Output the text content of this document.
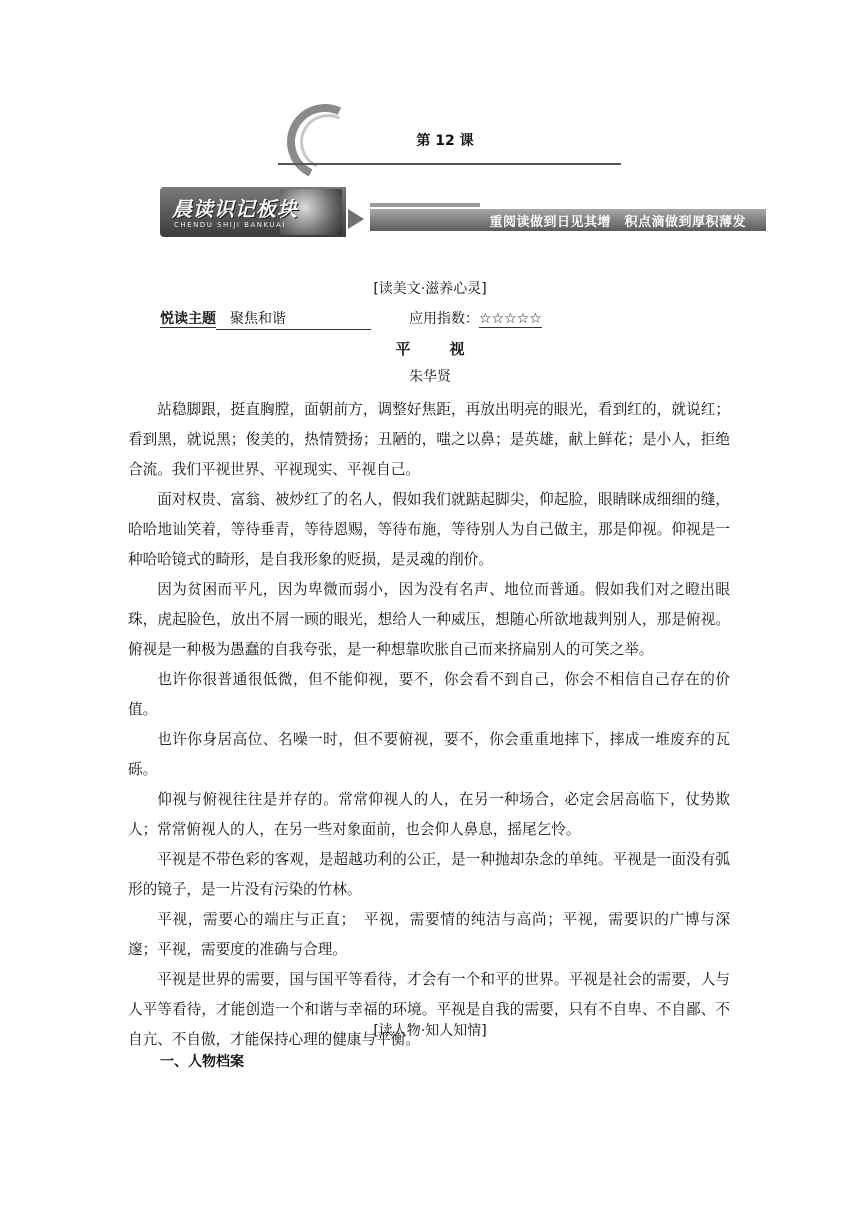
第 12 课
晨读识记板块
CHENDU SHIJI BANKUAI	重阅读做到日见其增　积点滴做到厚积薄发
[读美文·滋养心灵]
悦读主题 聚焦和谐	应用指数：☆☆☆☆☆
平　视
朱华贤

站稳脚跟，挺直胸膛，面朝前方，调整好焦距，再放出明亮的眼光，看到红的，就说红；看到黑，就说黑；俊美的，热情赞扬；丑陋的，嗤之以鼻；是英雄，献上鲜花；是小人，拒绝合流。我们平视世界、平视现实、平视自己。

面对权贵、富翁、被炒红了的名人，假如我们就踮起脚尖，仰起脸，眼睛眯成细细的缝，哈哈地讪笑着，等待垂青，等待恩赐，等待布施，等待别人为自己做主，那是仰视。仰视是一种哈哈镜式的畸形，是自我形象的贬损，是灵魂的削价。

因为贫困而平凡，因为卑微而弱小，因为没有名声、地位而普通。假如我们对之瞪出眼珠，虎起脸色，放出不屑一顾的眼光，想给人一种威压，想随心所欲地裁判别人，那是俯视。俯视是一种极为愚蠢的自我夸张，是一种想靠吹胀自己而来挤扁别人的可笑之举。

也许你很普通很低微，但不能仰视，要不，你会看不到自己，你会不相信自己存在的价值。

也许你身居高位、名噪一时，但不要俯视，要不，你会重重地摔下，摔成一堆废弃的瓦砾。

仰视与俯视往往是并存的。常常仰视人的人，在另一种场合，必定会居高临下，仗势欺人；常常俯视人的人，在另一些对象面前，也会仰人鼻息，摇尾乞怜。

平视是不带色彩的客观，是超越功利的公正，是一种抛却杂念的单纯。平视是一面没有弧形的镜子，是一片没有污染的竹林。

平视，需要心的端庄与正直；　平视，需要情的纯洁与高尚；平视，需要识的广博与深邃；平视，需要度的准确与合理。

平视是世界的需要，国与国平等看待，才会有一个和平的世界。平视是社会的需要，人与人平等看待，才能创造一个和谐与幸福的环境。平视是自我的需要，只有不自卑、不自鄙、不自亢、不自傲，才能保持心理的健康与平衡。

[读人物·知人知情]
一、人物档案
